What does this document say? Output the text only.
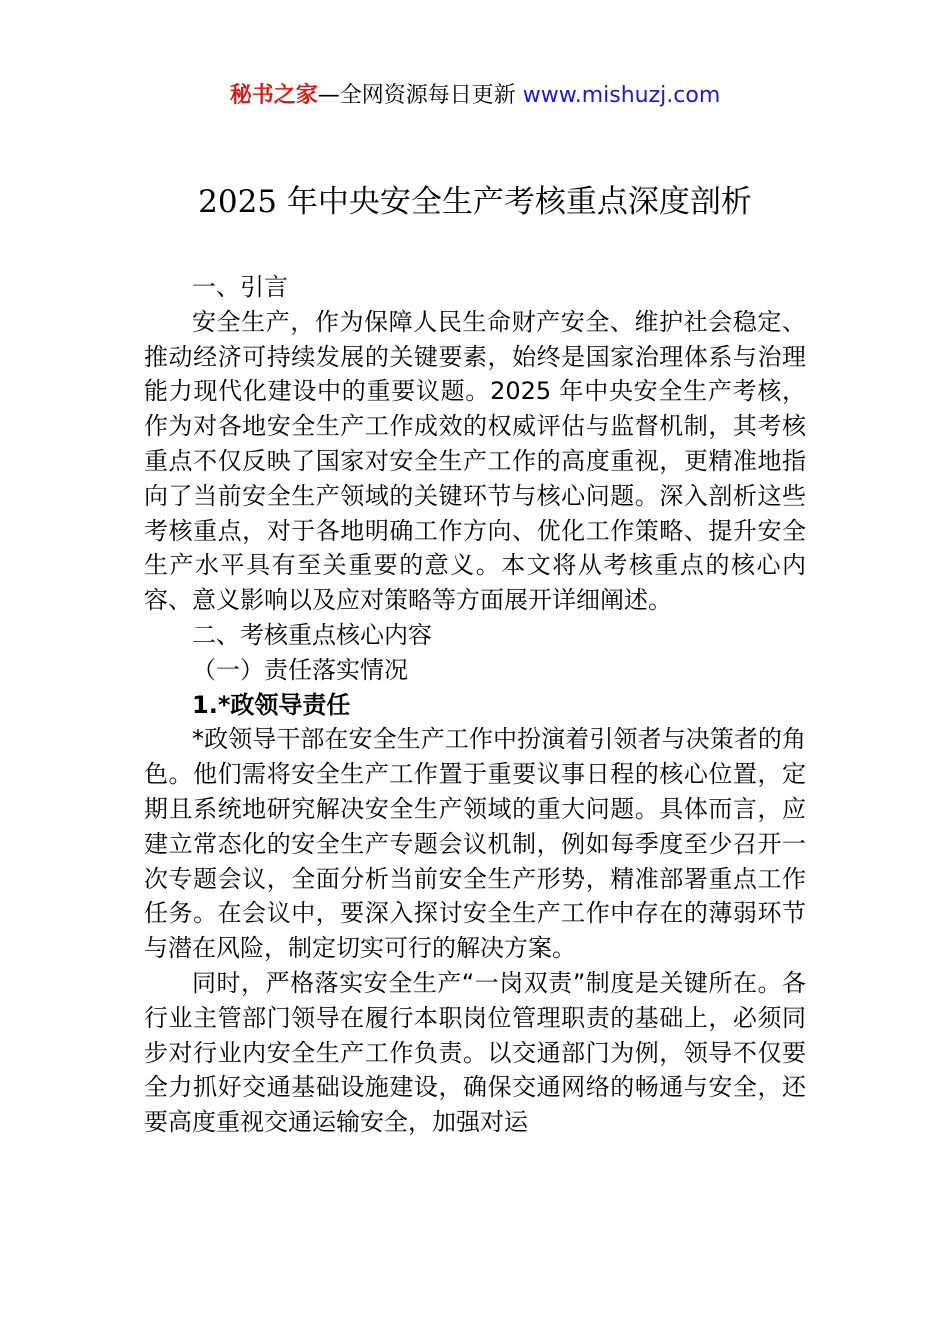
秘书之家—全网资源每日更新 www.mishuzj.com
2025 年中央安全生产考核重点深度剖析

一、引言

安全生产，作为保障人民生命财产安全、维护社会稳定、推动经济可持续发展的关键要素，始终是国家治理体系与治理能力现代化建设中的重要议题。2025 年中央安全生产考核，作为对各地安全生产工作成效的权威评估与监督机制，其考核重点不仅反映了国家对安全生产工作的高度重视，更精准地指向了当前安全生产领域的关键环节与核心问题。深入剖析这些考核重点，对于各地明确工作方向、优化工作策略、提升安全生产水平具有至关重要的意义。本文将从考核重点的核心内容、意义影响以及应对策略等方面展开详细阐述。

二、考核重点核心内容

（一）责任落实情况

1.*政领导责任

*政领导干部在安全生产工作中扮演着引领者与决策者的角色。他们需将安全生产工作置于重要议事日程的核心位置，定期且系统地研究解决安全生产领域的重大问题。具体而言，应建立常态化的安全生产专题会议机制，例如每季度至少召开一次专题会议，全面分析当前安全生产形势，精准部署重点工作任务。在会议中，要深入探讨安全生产工作中存在的薄弱环节与潜在风险，制定切实可行的解决方案。

同时，严格落实安全生产“一岗双责”制度是关键所在。各行业主管部门领导在履行本职岗位管理职责的基础上，必须同步对行业内安全生产工作负责。以交通部门为例，领导不仅要全力抓好交通基础设施建设，确保交通网络的畅通与安全，还要高度重视交通运输安全，加强对运
